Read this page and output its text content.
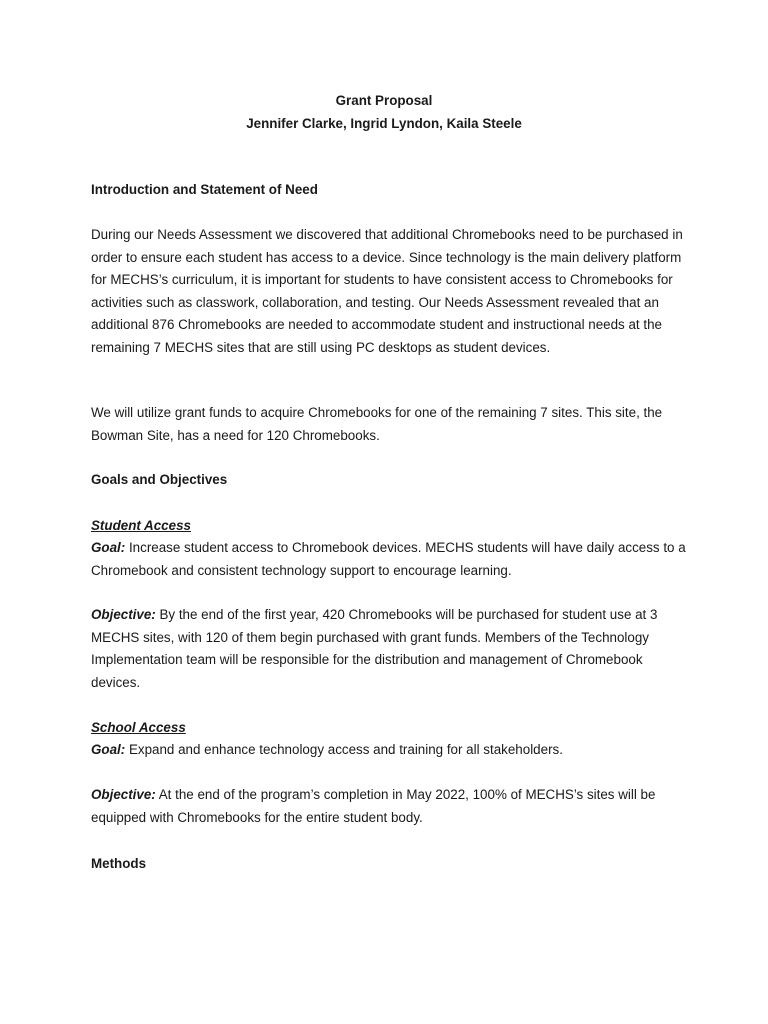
Grant Proposal
Jennifer Clarke, Ingrid Lyndon, Kaila Steele
Introduction and Statement of Need
During our Needs Assessment we discovered that additional Chromebooks need to be purchased in order to ensure each student has access to a device. Since technology is the main delivery platform for MECHS’s curriculum, it is important for students to have consistent access to Chromebooks for activities such as classwork, collaboration, and testing. Our Needs Assessment revealed that an additional 876 Chromebooks are needed to accommodate student and instructional needs at the remaining 7 MECHS sites that are still using PC desktops as student devices.
We will utilize grant funds to acquire Chromebooks for one of the remaining 7 sites. This site, the Bowman Site, has a need for 120 Chromebooks.
Goals and Objectives
Student Access
Goal: Increase student access to Chromebook devices. MECHS students will have daily access to a Chromebook and consistent technology support to encourage learning.
Objective: By the end of the first year, 420 Chromebooks will be purchased for student use at 3 MECHS sites, with 120 of them begin purchased with grant funds. Members of the Technology Implementation team will be responsible for the distribution and management of Chromebook devices.
School Access
Goal: Expand and enhance technology access and training for all stakeholders.
Objective: At the end of the program’s completion in May 2022, 100% of MECHS’s sites will be equipped with Chromebooks for the entire student body.
Methods
